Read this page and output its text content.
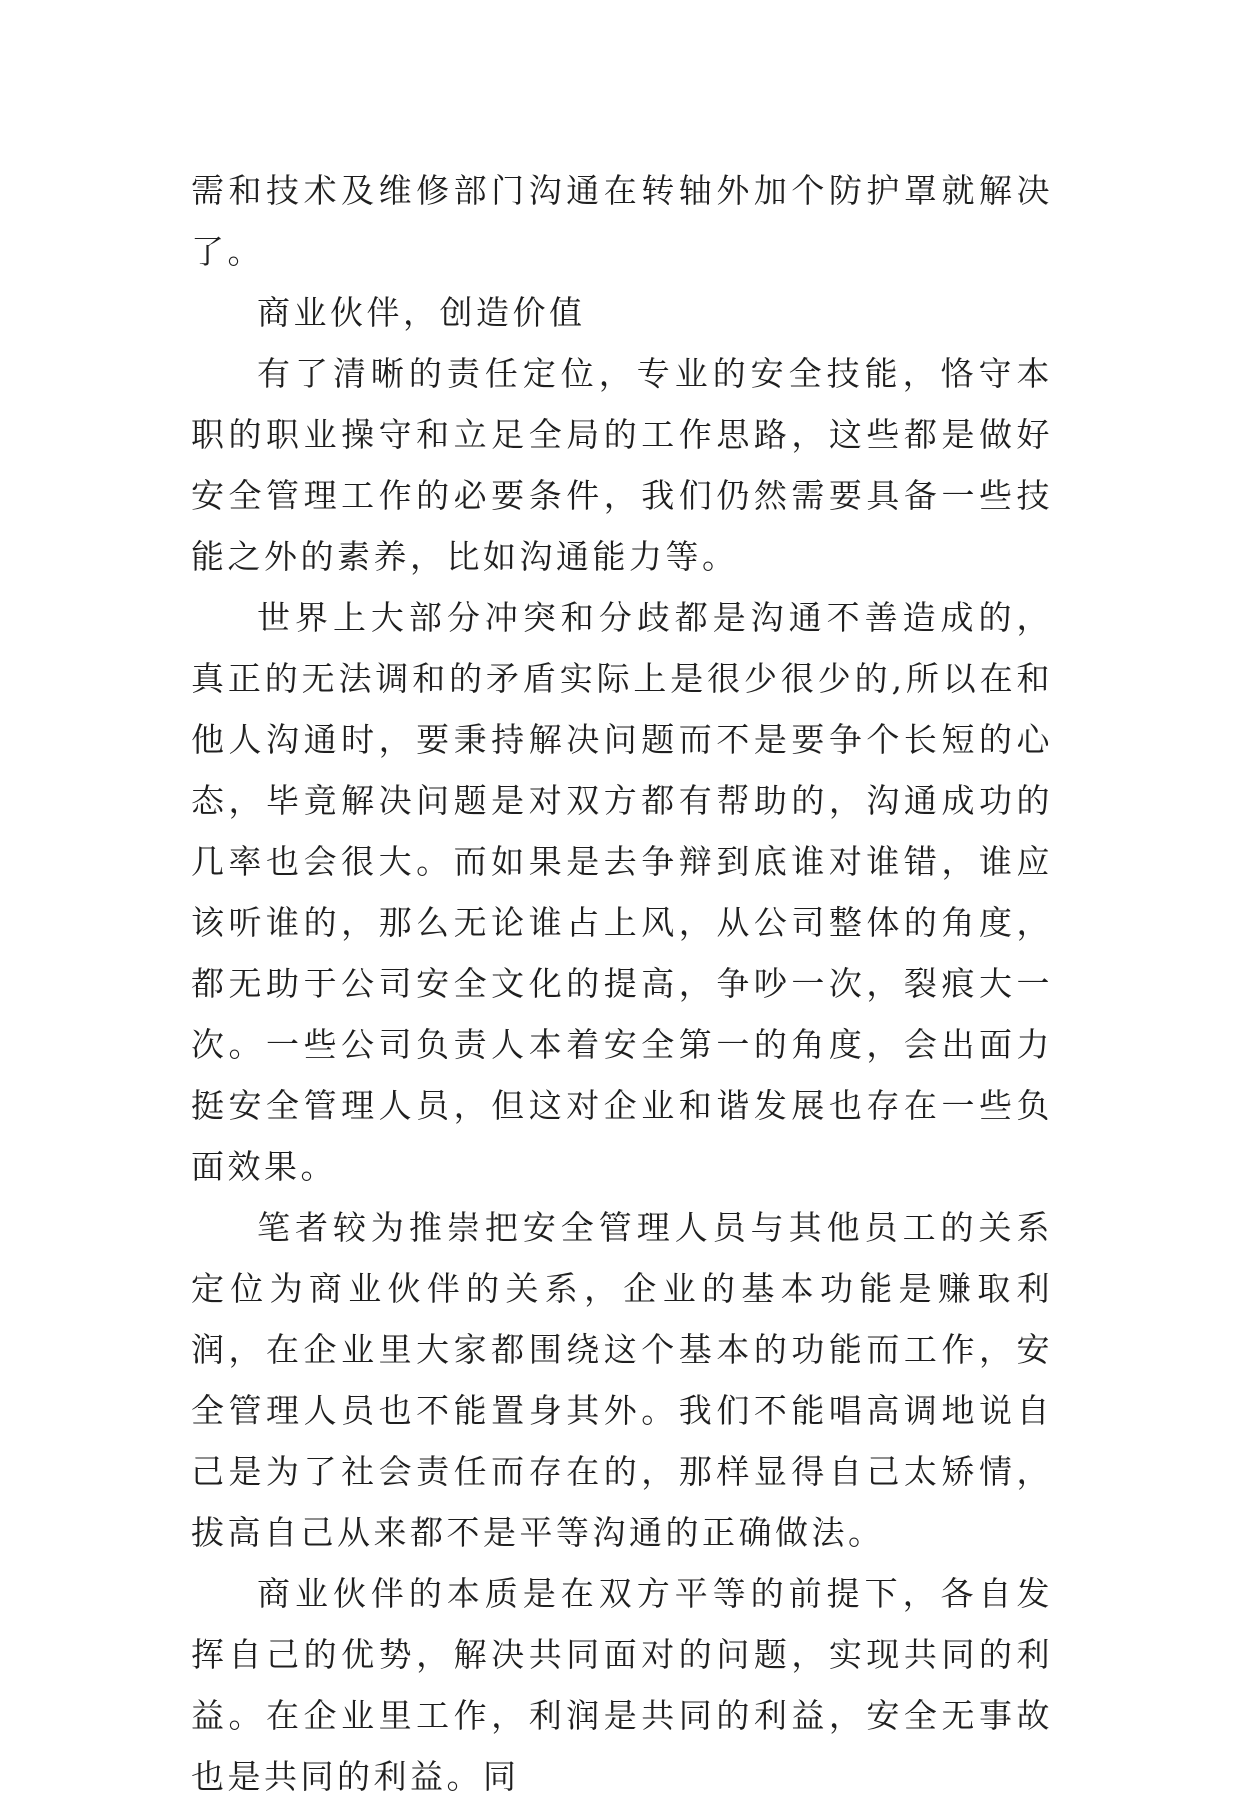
需和技术及维修部门沟通在转轴外加个防护罩就解决了。

商业伙伴，创造价值

有了清晰的责任定位，专业的安全技能，恪守本职的职业操守和立足全局的工作思路，这些都是做好安全管理工作的必要条件，我们仍然需要具备一些技能之外的素养，比如沟通能力等。

世界上大部分冲突和分歧都是沟通不善造成的，真正的无法调和的矛盾实际上是很少很少的,所以在和他人沟通时，要秉持解决问题而不是要争个长短的心态，毕竟解决问题是对双方都有帮助的，沟通成功的几率也会很大。而如果是去争辩到底谁对谁错，谁应该听谁的，那么无论谁占上风，从公司整体的角度，都无助于公司安全文化的提高，争吵一次，裂痕大一次。一些公司负责人本着安全第一的角度，会出面力挺安全管理人员，但这对企业和谐发展也存在一些负面效果。

笔者较为推崇把安全管理人员与其他员工的关系定位为商业伙伴的关系，企业的基本功能是赚取利润，在企业里大家都围绕这个基本的功能而工作，安全管理人员也不能置身其外。我们不能唱高调地说自己是为了社会责任而存在的，那样显得自己太矫情，拔高自己从来都不是平等沟通的正确做法。

商业伙伴的本质是在双方平等的前提下，各自发挥自己的优势，解决共同面对的问题，实现共同的利益。在企业里工作，利润是共同的利益，安全无事故也是共同的利益。同
